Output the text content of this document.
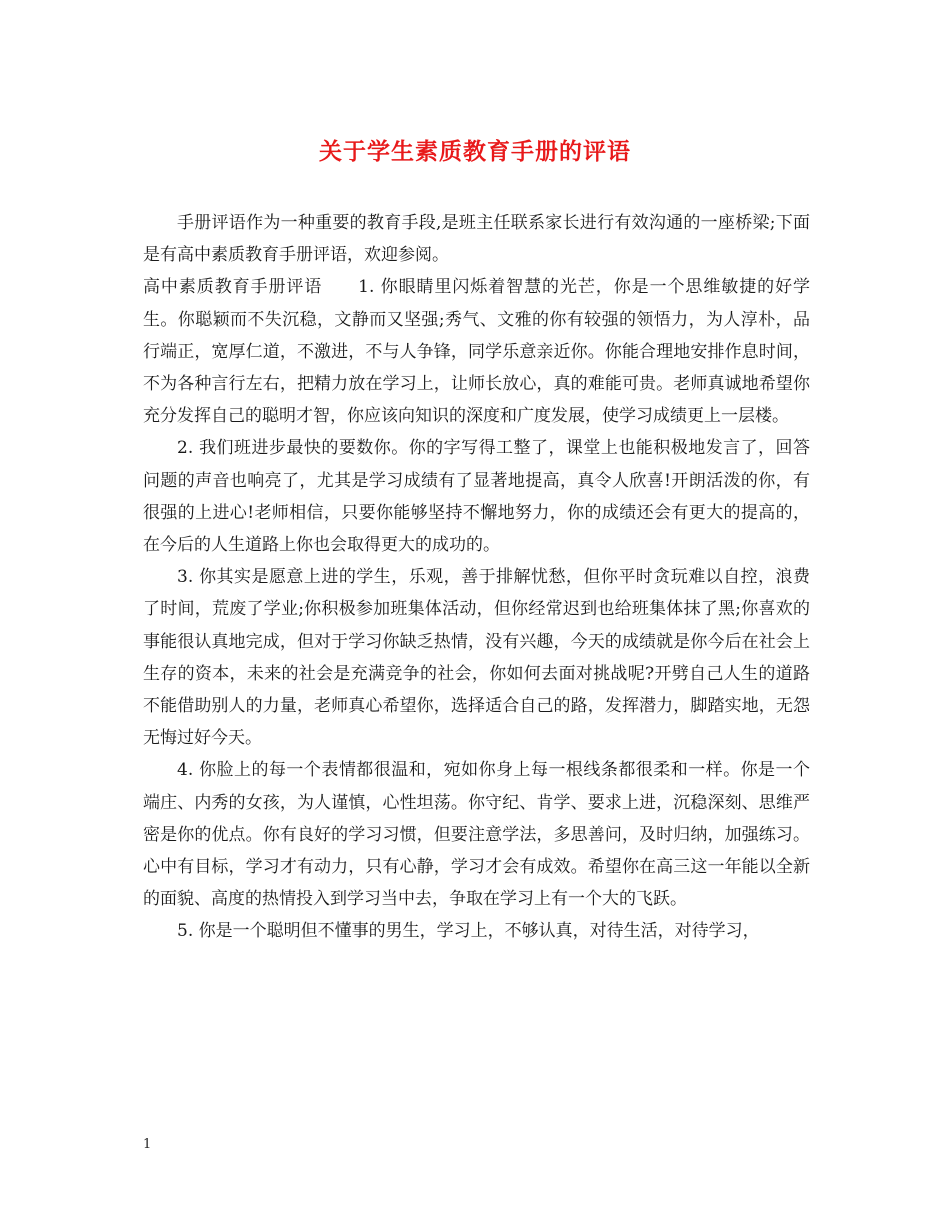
关于学生素质教育手册的评语

手册评语作为一种重要的教育手段,是班主任联系家长进行有效沟通的一座桥梁;下面是有高中素质教育手册评语，欢迎参阅。

高中素质教育手册评语　　1. 你眼睛里闪烁着智慧的光芒，你是一个思维敏捷的好学生。你聪颖而不失沉稳，文静而又坚强;秀气、文雅的你有较强的领悟力，为人淳朴，品行端正，宽厚仁道，不激进，不与人争锋，同学乐意亲近你。你能合理地安排作息时间，不为各种言行左右，把精力放在学习上，让师长放心，真的难能可贵。老师真诚地希望你充分发挥自己的聪明才智，你应该向知识的深度和广度发展，使学习成绩更上一层楼。

2. 我们班进步最快的要数你。你的字写得工整了，课堂上也能积极地发言了，回答问题的声音也响亮了，尤其是学习成绩有了显著地提高，真令人欣喜!开朗活泼的你，有很强的上进心!老师相信，只要你能够坚持不懈地努力，你的成绩还会有更大的提高的，在今后的人生道路上你也会取得更大的成功的。

3. 你其实是愿意上进的学生，乐观，善于排解忧愁，但你平时贪玩难以自控，浪费了时间，荒废了学业;你积极参加班集体活动，但你经常迟到也给班集体抹了黑;你喜欢的事能很认真地完成，但对于学习你缺乏热情，没有兴趣，今天的成绩就是你今后在社会上生存的资本，未来的社会是充满竞争的社会，你如何去面对挑战呢?开劈自己人生的道路不能借助别人的力量，老师真心希望你，选择适合自己的路，发挥潜力，脚踏实地，无怨无悔过好今天。

4. 你脸上的每一个表情都很温和，宛如你身上每一根线条都很柔和一样。你是一个端庄、内秀的女孩，为人谨慎，心性坦荡。你守纪、肯学、要求上进，沉稳深刻、思维严密是你的优点。你有良好的学习习惯，但要注意学法，多思善问，及时归纳，加强练习。心中有目标，学习才有动力，只有心静，学习才会有成效。希望你在高三这一年能以全新的面貌、高度的热情投入到学习当中去，争取在学习上有一个大的飞跃。

5. 你是一个聪明但不懂事的男生，学习上，不够认真，对待生活，对待学习，

1
